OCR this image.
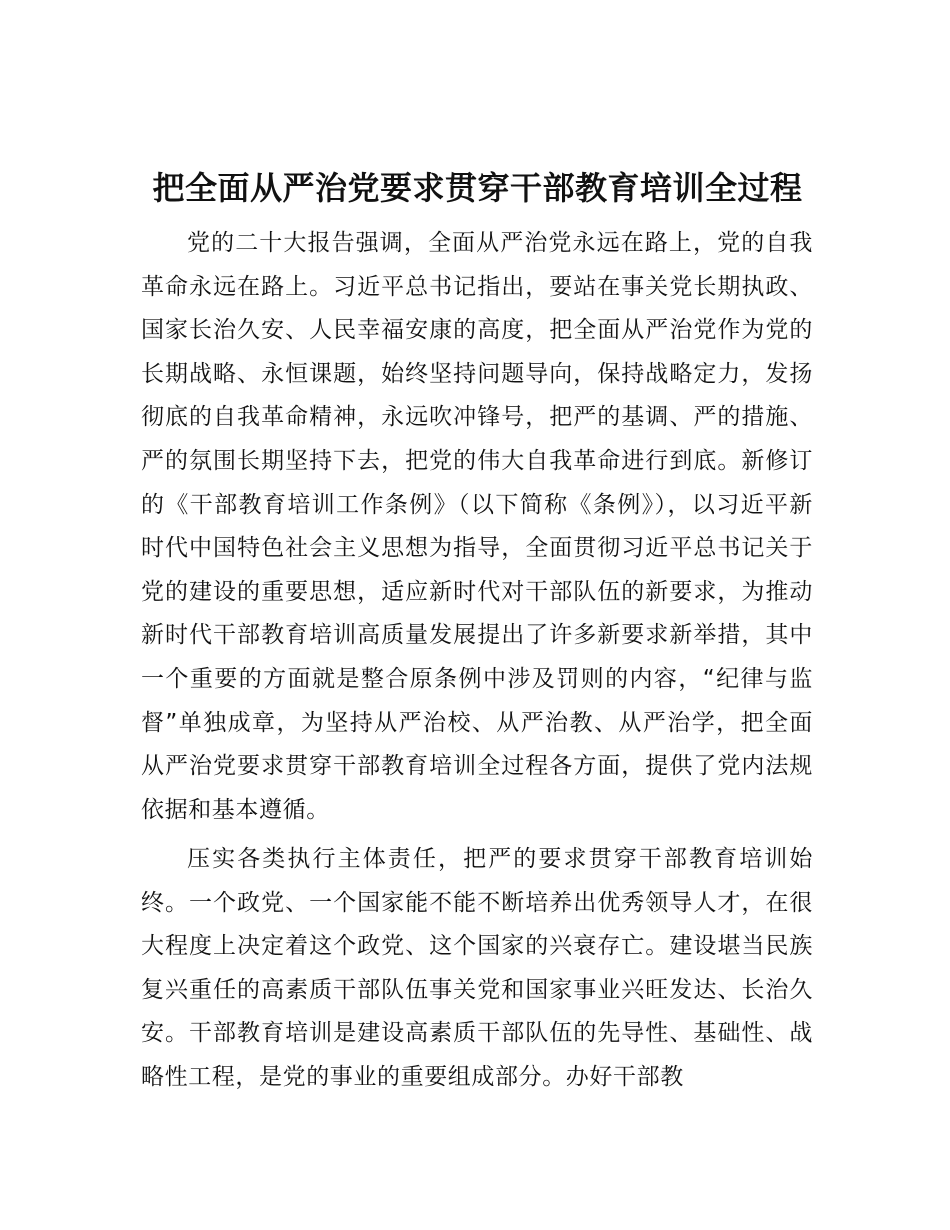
把全面从严治党要求贯穿干部教育培训全过程

党的二十大报告强调，全面从严治党永远在路上，党的自我革命永远在路上。习近平总书记指出，要站在事关党长期执政、国家长治久安、人民幸福安康的高度，把全面从严治党作为党的长期战略、永恒课题，始终坚持问题导向，保持战略定力，发扬彻底的自我革命精神，永远吹冲锋号，把严的基调、严的措施、严的氛围长期坚持下去，把党的伟大自我革命进行到底。新修订的《干部教育培训工作条例》（以下简称《条例》），以习近平新时代中国特色社会主义思想为指导，全面贯彻习近平总书记关于党的建设的重要思想，适应新时代对干部队伍的新要求，为推动新时代干部教育培训高质量发展提出了许多新要求新举措，其中一个重要的方面就是整合原条例中涉及罚则的内容，“纪律与监督”单独成章，为坚持从严治校、从严治教、从严治学，把全面从严治党要求贯穿干部教育培训全过程各方面，提供了党内法规依据和基本遵循。

压实各类执行主体责任，把严的要求贯穿干部教育培训始终。一个政党、一个国家能不能不断培养出优秀领导人才，在很大程度上决定着这个政党、这个国家的兴衰存亡。建设堪当民族复兴重任的高素质干部队伍事关党和国家事业兴旺发达、长治久安。干部教育培训是建设高素质干部队伍的先导性、基础性、战略性工程，是党的事业的重要组成部分。办好干部教
